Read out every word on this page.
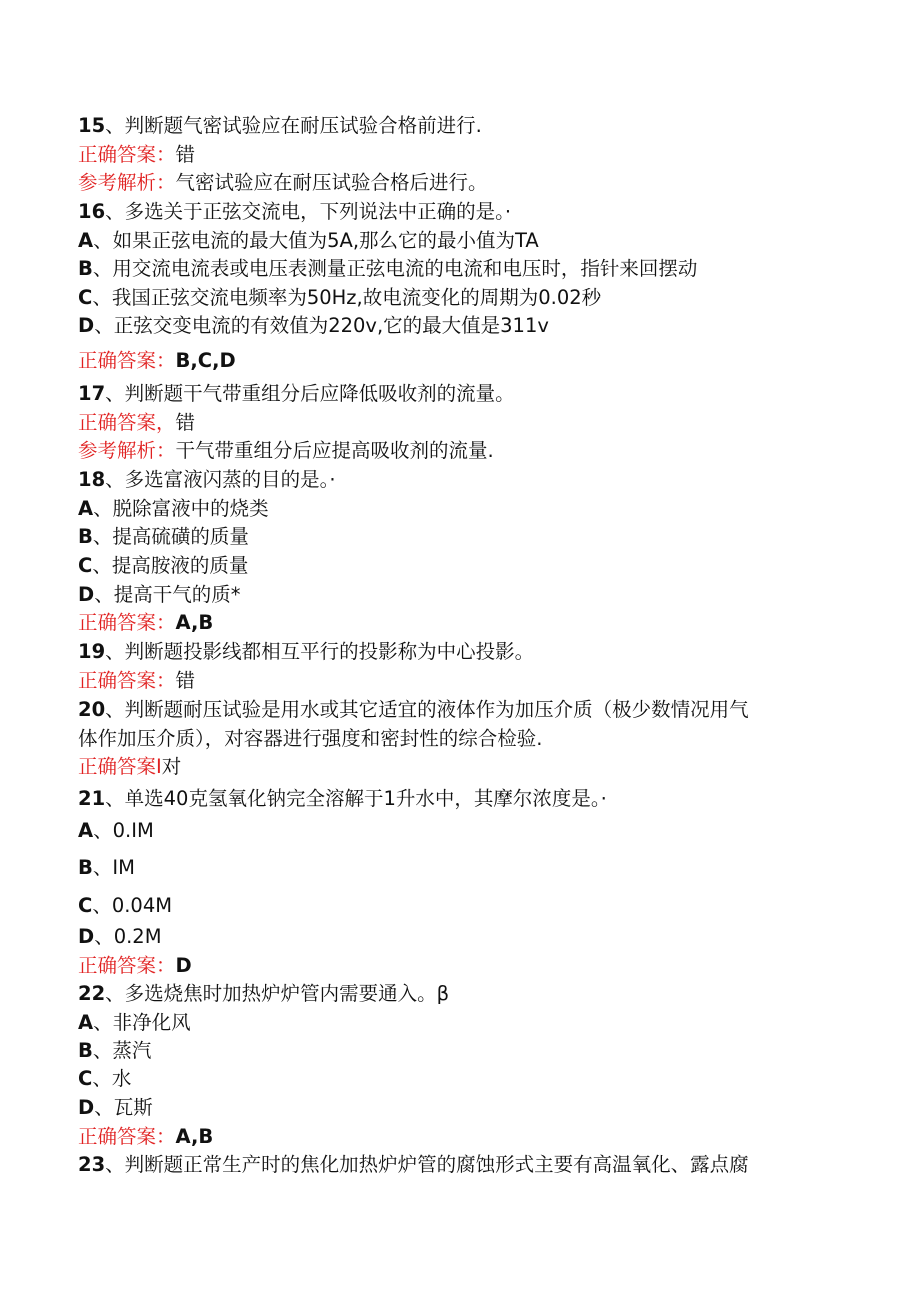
15、判断题气密试验应在耐压试验合格前进行.
正确答案：错
参考解析：气密试验应在耐压试验合格后进行。
16、多选关于正弦交流电，下列说法中正确的是。·
A、如果正弦电流的最大值为5A,那么它的最小值为TA
B、用交流电流表或电压表测量正弦电流的电流和电压时，指针来回摆动
C、我国正弦交流电频率为50Hz,故电流变化的周期为0.02秒
D、正弦交变电流的有效值为220v,它的最大值是311v
正确答案：B,C,D
17、判断题干气带重组分后应降低吸收剂的流量。
正确答案，错
参考解析：干气带重组分后应提高吸收剂的流量.
18、多选富液闪蒸的目的是。·
A、脱除富液中的烧类
B、提高硫磺的质量
C、提高胺液的质量
D、提高干气的质*
正确答案：A,B
19、判断题投影线都相互平行的投影称为中心投影。
正确答案：错
20、判断题耐压试验是用水或其它适宜的液体作为加压介质（极少数情况用气
体作加压介质），对容器进行强度和密封性的综合检验.
正确答案I对
21、单选40克氢氧化钠完全溶解于1升水中，其摩尔浓度是。·
A、0.IM
B、IM
C、0.04M
D、0.2M
正确答案：D
22、多选烧焦时加热炉炉管内需要通入。β
A、非净化风
B、蒸汽
C、水
D、瓦斯
正确答案：A,B
23、判断题正常生产时的焦化加热炉炉管的腐蚀形式主要有高温氧化、露点腐
